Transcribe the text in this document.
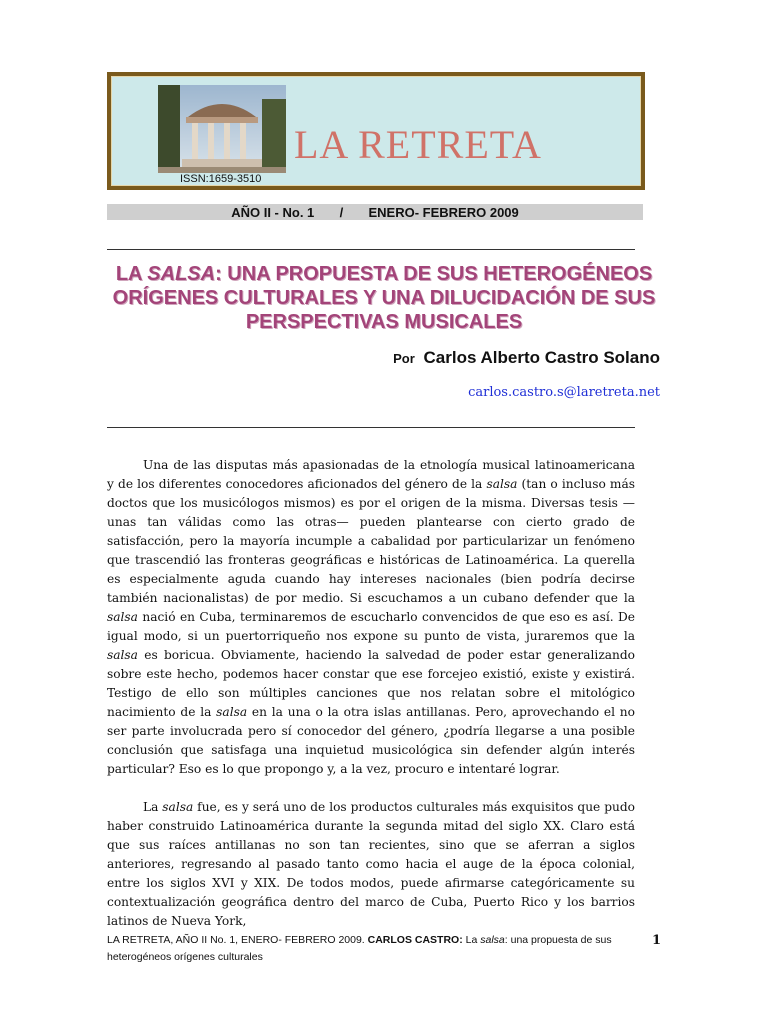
ISSN:1659-3510
LA RETRETA
AÑO II - No. 1
/
ENERO- FEBRERO 2009
LA SALSA: UNA PROPUESTA DE SUS HETEROGÉNEOS ORÍGENES CULTURALES Y UNA DILUCIDACIÓN DE SUS PERSPECTIVAS MUSICALES
Por Carlos Alberto Castro Solano
carlos.castro.s@laretreta.net

Una de las disputas más apasionadas de la etnología musical latinoamericana y de los diferentes conocedores aficionados del género de la salsa (tan o incluso más doctos que los musicólogos mismos) es por el origen de la misma. Diversas tesis —unas tan válidas como las otras— pueden plantearse con cierto grado de satisfacción, pero la mayoría incumple a cabalidad por particularizar un fenómeno que trascendió las fronteras geográficas e históricas de Latinoamérica. La querella es especialmente aguda cuando hay intereses nacionales (bien podría decirse también nacionalistas) de por medio. Si escuchamos a un cubano defender que la salsa nació en Cuba, terminaremos de escucharlo convencidos de que eso es así. De igual modo, si un puertorriqueño nos expone su punto de vista, juraremos que la salsa es boricua. Obviamente, haciendo la salvedad de poder estar generalizando sobre este hecho, podemos hacer constar que ese forcejeo existió, existe y existirá. Testigo de ello son múltiples canciones que nos relatan sobre el mitológico nacimiento de la salsa en la una o la otra islas antillanas. Pero, aprovechando el no ser parte involucrada pero sí conocedor del género, ¿podría llegarse a una posible conclusión que satisfaga una inquietud musicológica sin defender algún interés particular? Eso es lo que propongo y, a la vez, procuro e intentaré lograr.

La salsa fue, es y será uno de los productos culturales más exquisitos que pudo haber construido Latinoamérica durante la segunda mitad del siglo XX. Claro está que sus raíces antillanas no son tan recientes, sino que se aferran a siglos anteriores, regresando al pasado tanto como hacia el auge de la época colonial, entre los siglos XVI y XIX. De todos modos, puede afirmarse categóricamente su contextualización geográfica dentro del marco de Cuba, Puerto Rico y los barrios latinos de Nueva York,

LA RETRETA, AÑO II No. 1, ENERO- FEBRERO 2009. CARLOS CASTRO: La salsa: una propuesta de sus heterogéneos orígenes culturales
1
